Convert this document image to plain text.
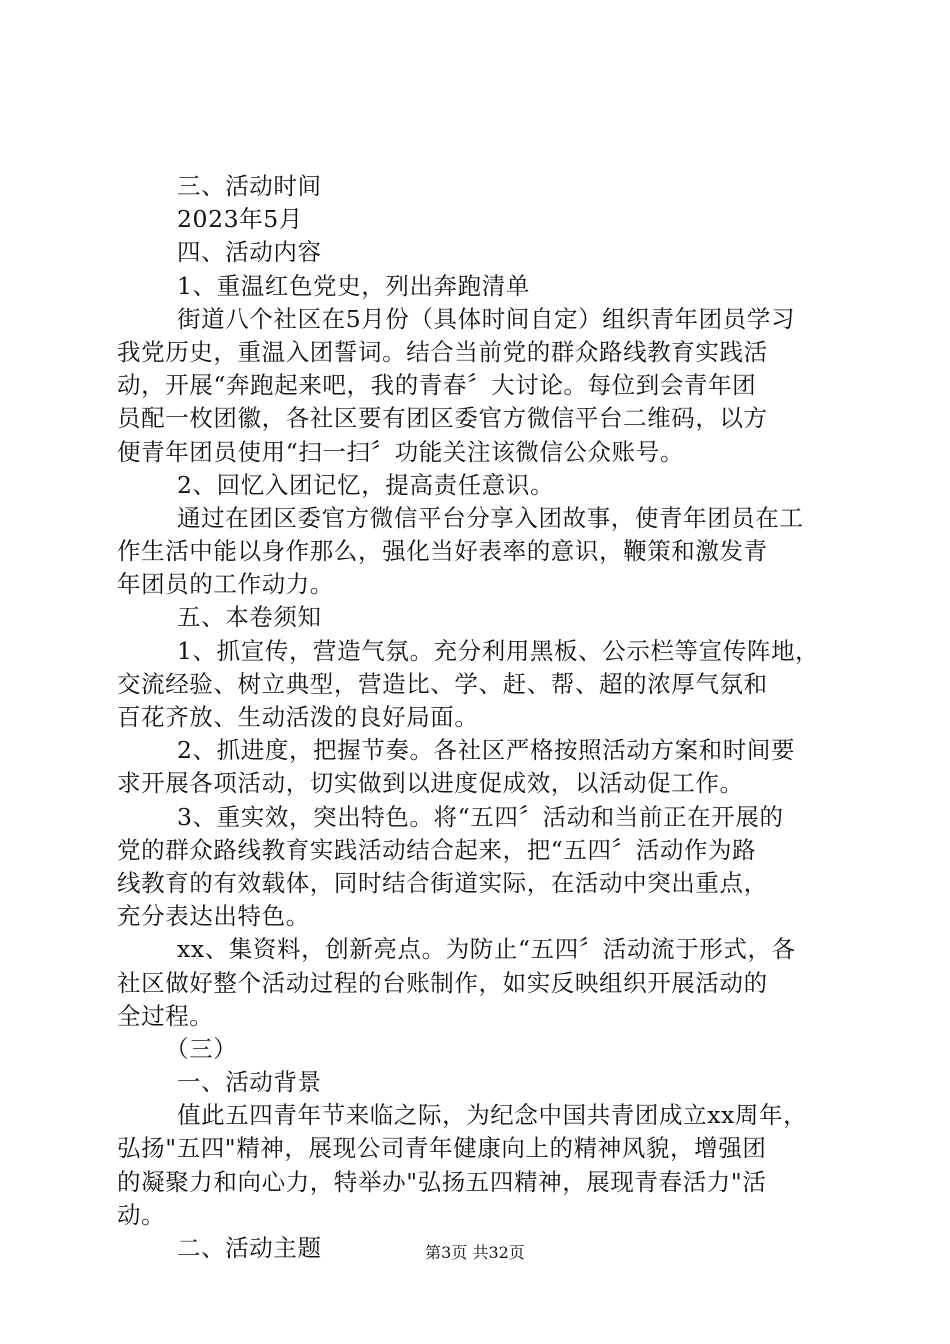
三、活动时间
2023年5月
四、活动内容
1、重温红色党史，列出奔跑清单
街道八个社区在5月份（具体时间自定）组织青年团员学习
我党历史，重温入团誓词。结合当前党的群众路线教育实践活
动，开展“奔跑起来吧，我的青春〞大讨论。每位到会青年团
员配一枚团徽，各社区要有团区委官方微信平台二维码，以方
便青年团员使用“扫一扫〞功能关注该微信公众账号。
2、回忆入团记忆，提高责任意识。
通过在团区委官方微信平台分享入团故事，使青年团员在工
作生活中能以身作那么，强化当好表率的意识，鞭策和激发青
年团员的工作动力。
五、本卷须知
1、抓宣传，营造气氛。充分利用黑板、公示栏等宣传阵地，
交流经验、树立典型，营造比、学、赶、帮、超的浓厚气氛和
百花齐放、生动活泼的良好局面。
2、抓进度，把握节奏。各社区严格按照活动方案和时间要
求开展各项活动，切实做到以进度促成效，以活动促工作。
3、重实效，突出特色。将“五四〞活动和当前正在开展的
党的群众路线教育实践活动结合起来，把“五四〞活动作为路
线教育的有效载体，同时结合街道实际，在活动中突出重点，
充分表达出特色。
xx、集资料，创新亮点。为防止“五四〞活动流于形式，各
社区做好整个活动过程的台账制作，如实反映组织开展活动的
全过程。
（三）
一、活动背景
值此五四青年节来临之际，为纪念中国共青团成立xx周年，
弘扬"五四"精神，展现公司青年健康向上的精神风貌，增强团
的凝聚力和向心力，特举办"弘扬五四精神，展现青春活力"活
动。
二、活动主题	第3页 共32页
